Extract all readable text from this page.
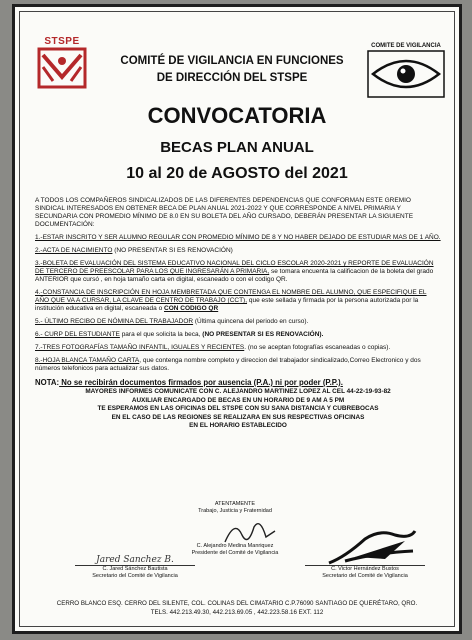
STSPE
COMITÉ DE VIGILANCIA EN FUNCIONES
DE DIRECCIÓN DEL STSPE
COMITE DE VIGILANCIA
CONVOCATORIA
BECAS PLAN ANUAL
10 al 20 de AGOSTO del 2021

A TODOS LOS COMPAÑEROS SINDICALIZADOS DE LAS DIFERENTES DEPENDENCIAS QUE CONFORMAN ESTE GREMIO SINDICAL INTERESADOS EN OBTENER BECA DE PLAN ANUAL 2021-2022 Y QUE CORRESPONDE A NIVEL PRIMARIA Y SECUNDARIA CON PROMEDIO MÍNIMO DE 8.0 EN SU BOLETA DEL AÑO CURSADO, DEBERÁN PRESENTAR LA SIGUIENTE DOCUMENTACIÓN:

1.-ESTAR INSCRITO Y SER ALUMNO REGULAR CON PROMEDIO MÍNIMO DE 8 Y NO HABER DEJADO DE ESTUDIAR MAS DE 1 AÑO.

2.-ACTA DE NACIMIENTO (NO PRESENTAR SI ES RENOVACIÓN)

3.-BOLETA DE EVALUACIÓN DEL SISTEMA EDUCATIVO NACIONAL DEL CICLO ESCOLAR 2020-2021 y REPORTE DE EVALUACIÓN DE TERCERO DE PREESCOLAR PARA LOS QUE INGRESARÁN A PRIMARIA, se tomara encuenta la calificacion de la boleta del grado ANTERIOR que cursó , en hoja tamaño carta en digital, escaneado o con el codigo QR.

4.-CONSTANCIA DE INSCRIPCIÓN EN HOJA MEMBRETADA QUE CONTENGA EL NOMBRE DEL ALUMNO, QUE ESPECIFIQUE EL AÑO QUE VA A CURSAR, LA CLAVE DE CENTRO DE TRABAJO (CCT), que este sellada y firmada por la persona autorizada por la institución educativa en digital, escaneada o CON CODIGO QR

5.- ÚLTIMO RECIBO DE NÓMINA DEL TRABAJADOR (Última quincena del periodo en curso).

6.- CURP DEL ESTUDIANTE para el que solicita la beca, (NO PRESENTAR SI ES RENOVACIÓN).

7.-TRES FOTOGRAFÍAS TAMAÑO INFANTIL, IGUALES Y RECIENTES. (no se aceptan fotografías escaneadas o copias).

8.-HOJA BLANCA TAMAÑO CARTA, que contenga nombre completo y direccion del trabajador sindicalizado,Correo Electronico y dos números telefonicos para actualizar sus datos.

NOTA: No se recibirán documentos firmados por ausencia (P.A.) ni por poder (P.P.).
MAYORES INFORMES COMUNICATE CON C. ALEJANDRO MARTINEZ LOPEZ AL CEL 44-22-19-93-82
AUXILIAR ENCARGADO DE BECAS EN UN HORARIO DE 9 AM A 5 PM
TE ESPERAMOS EN LAS OFICINAS DEL STSPE CON SU SANA DISTANCIA Y CUBREBOCAS
EN EL CASO DE LAS REGIONES SE REALIZARA EN SUS RESPECTIVAS OFICINAS
EN EL HORARIO ESTABLECIDO
ATENTAMENTE
Trabajo, Justicia y Fraternidad
C. Alejandro Medina Manriquez
Presidente del Comité de Vigilancia
Jared Sanchez B.
C. Jared Sánchez Bautista
Secretario del Comité de Vigilancia
C. Victor Hernández Bustos
Secretario del Comité de Vigilancia
CERRO BLANCO ESQ. CERRO DEL SILENTE, COL. COLINAS DEL CIMATARIO C.P.76090 SANTIAGO DE QUERÉTARO, QRO.
TELS. 442.213.49.30, 442.213.69.05 , 442.223.58.16 EXT. 112
